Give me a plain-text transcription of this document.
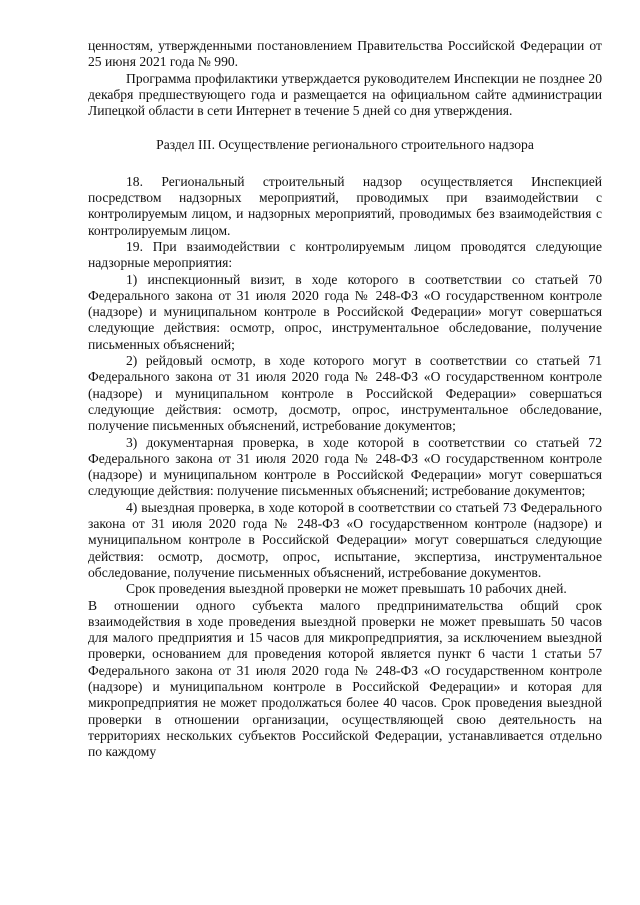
ценностям, утвержденными постановлением Правительства Российской Федерации от 25 июня 2021 года № 990.

Программа профилактики утверждается руководителем Инспекции не позднее 20 декабря предшествующего года и размещается на официальном сайте администрации Липецкой области в сети Интернет в течение 5 дней со дня утверждения.

Раздел III. Осуществление регионального строительного надзора

18. Региональный строительный надзор осуществляется Инспекцией посредством надзорных мероприятий, проводимых при взаимодействии с контролируемым лицом, и надзорных мероприятий, проводимых без взаимодействия с контролируемым лицом.

19. При взаимодействии с контролируемым лицом проводятся следующие надзорные мероприятия:

1) инспекционный визит, в ходе которого в соответствии со статьей 70 Федерального закона от 31 июля 2020 года № 248-ФЗ «О государственном контроле (надзоре) и муниципальном контроле в Российской Федерации» могут совершаться следующие действия: осмотр, опрос, инструментальное обследование, получение письменных объяснений;

2) рейдовый осмотр, в ходе которого могут в соответствии со статьей 71 Федерального закона от 31 июля 2020 года № 248-ФЗ «О государственном контроле (надзоре) и муниципальном контроле в Российской Федерации» совершаться следующие действия: осмотр, досмотр, опрос, инструментальное обследование, получение письменных объяснений, истребование документов;

3) документарная проверка, в ходе которой в соответствии со статьей 72 Федерального закона от 31 июля 2020 года № 248-ФЗ «О государственном контроле (надзоре) и муниципальном контроле в Российской Федерации» могут совершаться следующие действия: получение письменных объяснений; истребование документов;

4) выездная проверка, в ходе которой в соответствии со статьей 73 Федерального закона от 31 июля 2020 года № 248-ФЗ «О государственном контроле (надзоре) и муниципальном контроле в Российской Федерации» могут совершаться следующие действия: осмотр, досмотр, опрос, испытание, экспертиза, инструментальное обследование, получение письменных объяснений, истребование документов.

Срок проведения выездной проверки не может превышать 10 рабочих дней.

В отношении одного субъекта малого предпринимательства общий срок взаимодействия в ходе проведения выездной проверки не может превышать 50 часов для малого предприятия и 15 часов для микропредприятия, за исключением выездной проверки, основанием для проведения которой является пункт 6 части 1 статьи 57 Федерального закона от 31 июля 2020 года № 248-ФЗ «О государственном контроле (надзоре) и муниципальном контроле в Российской Федерации» и которая для микропредприятия не может продолжаться более 40 часов. Срок проведения выездной проверки в отношении организации, осуществляющей свою деятельность на территориях нескольких субъектов Российской Федерации, устанавливается отдельно по каждому
